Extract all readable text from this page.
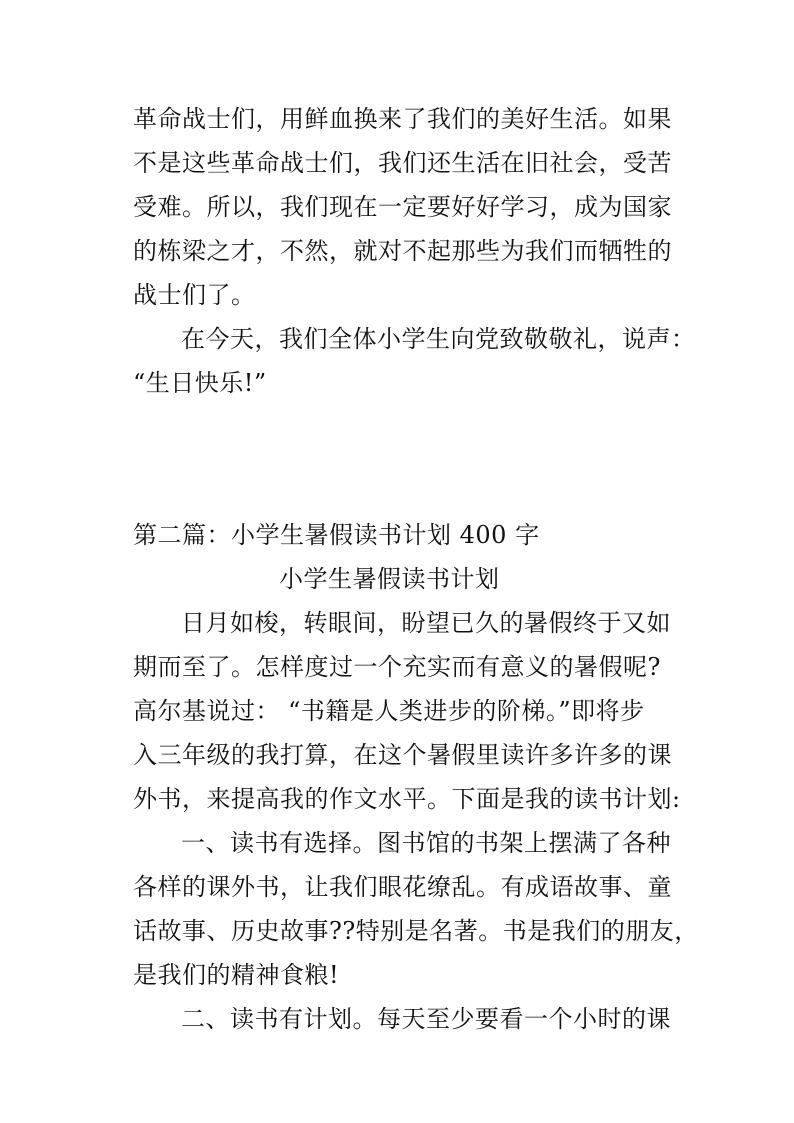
革命战士们，用鲜血换来了我们的美好生活。如果
不是这些革命战士们，我们还生活在旧社会，受苦
受难。所以，我们现在一定要好好学习，成为国家
的栋梁之才，不然，就对不起那些为我们而牺牲的
战士们了。
在今天，我们全体小学生向党致敬敬礼，说声：
“生日快乐!”
第二篇：小学生暑假读书计划 400 字
小学生暑假读书计划
日月如梭，转眼间，盼望已久的暑假终于又如
期而至了。怎样度过一个充实而有意义的暑假呢?
高尔基说过： “书籍是人类进步的阶梯。”即将步
入三年级的我打算，在这个暑假里读许多许多的课
外书，来提高我的作文水平。下面是我的读书计划:
一、读书有选择。图书馆的书架上摆满了各种
各样的课外书，让我们眼花缭乱。有成语故事、童
话故事、历史故事??特别是名著。书是我们的朋友，
是我们的精神食粮!
二、读书有计划。每天至少要看一个小时的课
